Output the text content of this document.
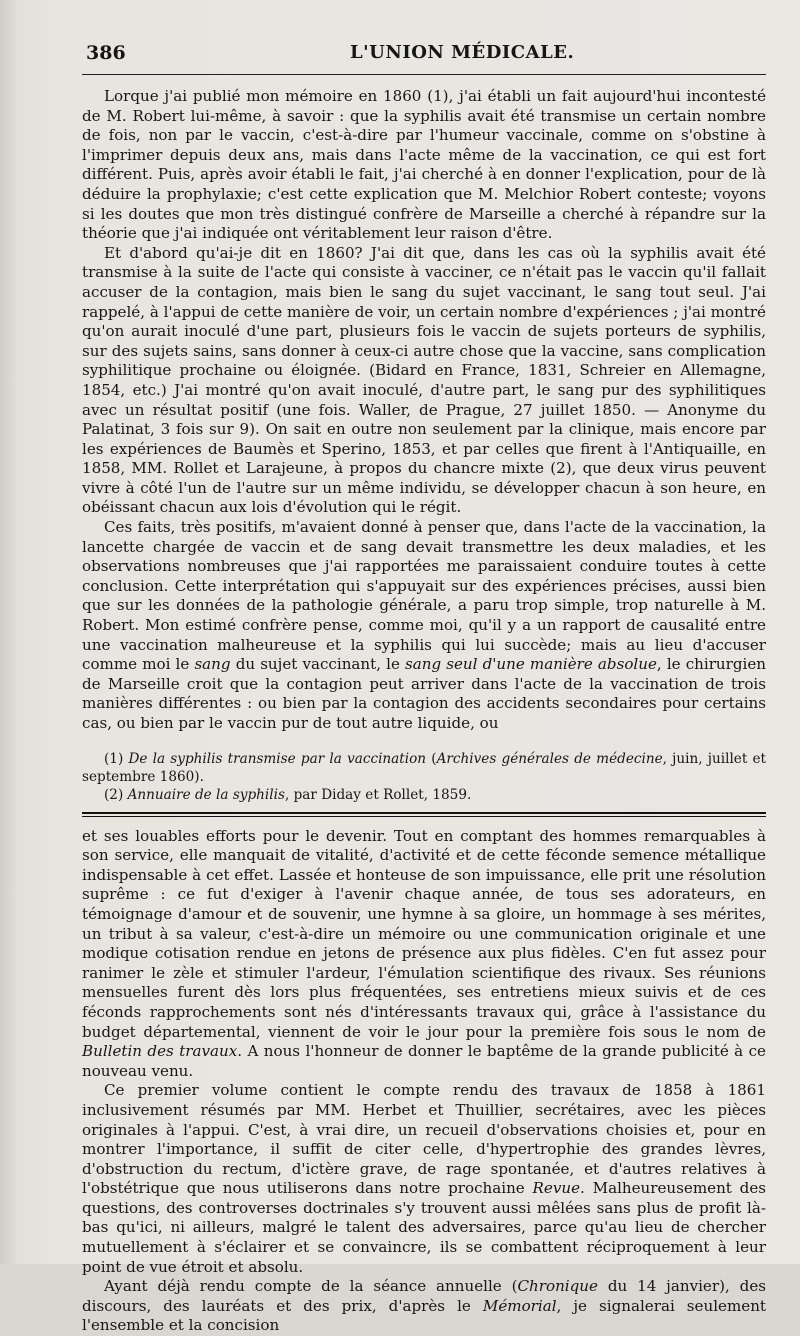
386	L'UNION MÉDICALE.

Lorque j'ai publié mon mémoire en 1860 (1), j'ai établi un fait aujourd'hui incontesté de M. Robert lui-même, à savoir : que la syphilis avait été transmise un certain nombre de fois, non par le vaccin, c'est-à-dire par l'humeur vaccinale, comme on s'obstine à l'imprimer depuis deux ans, mais dans l'acte même de la vaccination, ce qui est fort différent. Puis, après avoir établi le fait, j'ai cherché à en donner l'explication, pour de là déduire la prophylaxie; c'est cette explication que M. Melchior Robert conteste; voyons si les doutes que mon très distingué confrère de Marseille a cherché à répandre sur la théorie que j'ai indiquée ont véritablement leur raison d'être.

Et d'abord qu'ai-je dit en 1860? J'ai dit que, dans les cas où la syphilis avait été transmise à la suite de l'acte qui consiste à vacciner, ce n'était pas le vaccin qu'il fallait accuser de la contagion, mais bien le sang du sujet vaccinant, le sang tout seul. J'ai rappelé, à l'appui de cette manière de voir, un certain nombre d'expériences ; j'ai montré qu'on aurait inoculé d'une part, plusieurs fois le vaccin de sujets porteurs de syphilis, sur des sujets sains, sans donner à ceux-ci autre chose que la vaccine, sans complication syphilitique prochaine ou éloignée. (Bidard en France, 1831, Schreier en Allemagne, 1854, etc.) J'ai montré qu'on avait inoculé, d'autre part, le sang pur des syphilitiques avec un résultat positif (une fois. Waller, de Prague, 27 juillet 1850. — Anonyme du Palatinat, 3 fois sur 9). On sait en outre non seulement par la clinique, mais encore par les expériences de Baumès et Sperino, 1853, et par celles que firent à l'Antiquaille, en 1858, MM. Rollet et Larajeune, à propos du chancre mixte (2), que deux virus peuvent vivre à côté l'un de l'autre sur un même individu, se développer chacun à son heure, en obéissant chacun aux lois d'évolution qui le régit.

Ces faits, très positifs, m'avaient donné à penser que, dans l'acte de la vaccination, la lancette chargée de vaccin et de sang devait transmettre les deux maladies, et les observations nombreuses que j'ai rapportées me paraissaient conduire toutes à cette conclusion. Cette interprétation qui s'appuyait sur des expériences précises, aussi bien que sur les données de la pathologie générale, a paru trop simple, trop naturelle à M. Robert. Mon estimé confrère pense, comme moi, qu'il y a un rapport de causalité entre une vaccination malheureuse et la syphilis qui lui succède; mais au lieu d'accuser comme moi le sang du sujet vaccinant, le sang seul d'une manière absolue, le chirurgien de Marseille croit que la contagion peut arriver dans l'acte de la vaccination de trois manières différentes : ou bien par la contagion des accidents secondaires pour certains cas, ou bien par le vaccin pur de tout autre liquide, ou

(1) De la syphilis transmise par la vaccination (Archives générales de médecine, juin, juillet et septembre 1860).

(2) Annuaire de la syphilis, par Diday et Rollet, 1859.

et ses louables efforts pour le devenir. Tout en comptant des hommes remarquables à son service, elle manquait de vitalité, d'activité et de cette féconde semence métallique indispensable à cet effet. Lassée et honteuse de son impuissance, elle prit une résolution suprême : ce fut d'exiger à l'avenir chaque année, de tous ses adorateurs, en témoignage d'amour et de souvenir, une hymne à sa gloire, un hommage à ses mérites, un tribut à sa valeur, c'est-à-dire un mémoire ou une communication originale et une modique cotisation rendue en jetons de présence aux plus fidèles. C'en fut assez pour ranimer le zèle et stimuler l'ardeur, l'émulation scientifique des rivaux. Ses réunions mensuelles furent dès lors plus fréquentées, ses entretiens mieux suivis et de ces féconds rapprochements sont nés d'intéressants travaux qui, grâce à l'assistance du budget départemental, viennent de voir le jour pour la première fois sous le nom de Bulletin des travaux. A nous l'honneur de donner le baptême de la grande publicité à ce nouveau venu.

Ce premier volume contient le compte rendu des travaux de 1858 à 1861 inclusivement résumés par MM. Herbet et Thuillier, secrétaires, avec les pièces originales à l'appui. C'est, à vrai dire, un recueil d'observations choisies et, pour en montrer l'importance, il suffit de citer celle, d'hypertrophie des grandes lèvres, d'obstruction du rectum, d'ictère grave, de rage spontanée, et d'autres relatives à l'obstétrique que nous utiliserons dans notre prochaine Revue. Malheureusement des questions, des controverses doctrinales s'y trouvent aussi mêlées sans plus de profit là-bas qu'ici, ni ailleurs, malgré le talent des adversaires, parce qu'au lieu de chercher mutuellement à s'éclairer et se convaincre, ils se combattent réciproquement à leur point de vue étroit et absolu.

Ayant déjà rendu compte de la séance annuelle (Chronique du 14 janvier), des discours, des lauréats et des prix, d'après le Mémorial, je signalerai seulement l'ensemble et la concision
